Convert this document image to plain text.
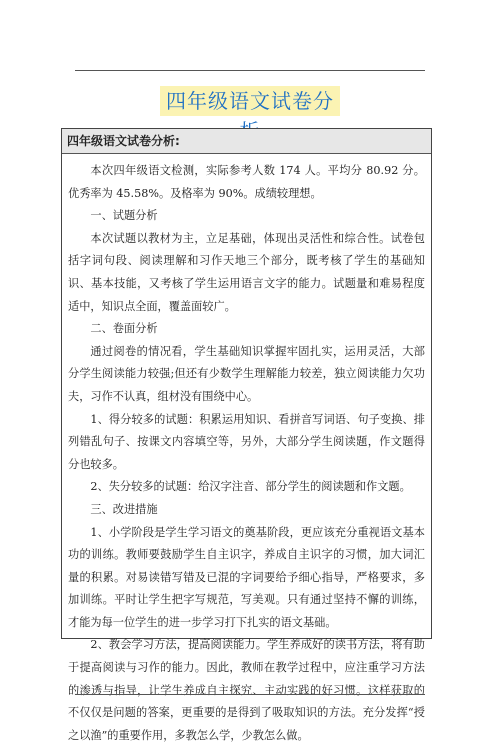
四年级语文试卷分
四年级语文试卷分析:

本次四年级语文检测，实际参考人数 174 人。平均分 80.92 分。优秀率为 45.58%。及格率为 90%。成绩较理想。

一、试题分析

本次试题以教材为主，立足基础，体现出灵活性和综合性。试卷包括字词句段、阅读理解和习作天地三个部分，既考核了学生的基础知识、基本技能，又考核了学生运用语言文字的能力。试题量和难易程度适中，知识点全面，覆盖面较广。

二、卷面分析

通过阅卷的情况看，学生基础知识掌握牢固扎实，运用灵活，大部分学生阅读能力较强;但还有少数学生理解能力较差，独立阅读能力欠功夫，习作不认真，组材没有围绕中心。

1、得分较多的试题：积累运用知识、看拼音写词语、句子变换、排列错乱句子、按课文内容填空等，另外，大部分学生阅读题，作文题得分也较多。

2、失分较多的试题：给汉字注音、部分学生的阅读题和作文题。

三、改进措施

1、小学阶段是学生学习语文的奠基阶段，更应该充分重视语文基本功的训练。教师要鼓励学生自主识字，养成自主识字的习惯，加大词汇量的积累。对易读错写错及已混的字词要给予细心指导，严格要求，多加训练。平时让学生把字写规范，写美观。只有通过坚持不懈的训练，才能为每一位学生的进一步学习打下扎实的语文基础。

2、教会学习方法，提高阅读能力。学生养成好的读书方法，将有助于提高阅读与习作的能力。因此，教师在教学过程中，应注重学习方法的渗透与指导，让学生养成自主探究、主动实践的好习惯。这样获取的不仅仅是问题的答案，更重要的是得到了吸取知识的方法。充分发挥“授之以渔”的重要作用，多教怎么学，少教怎么做。
